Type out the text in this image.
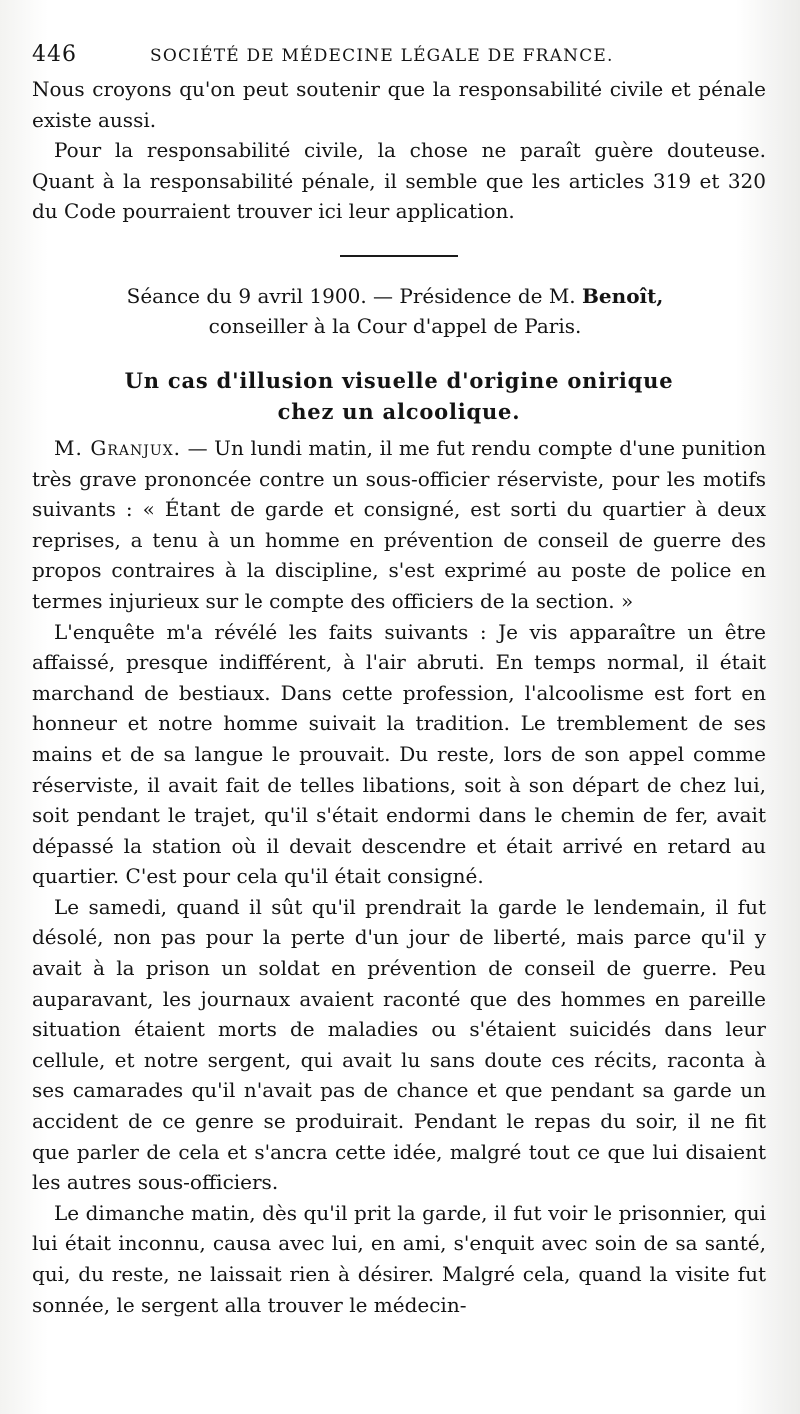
446	SOCIÉTÉ DE MÉDECINE LÉGALE DE FRANCE.

Nous croyons qu'on peut soutenir que la responsabilité civile et pénale existe aussi.

Pour la responsabilité civile, la chose ne paraît guère douteuse. Quant à la responsabilité pénale, il semble que les articles 319 et 320 du Code pourraient trouver ici leur application.

Séance du 9 avril 1900. — Présidence de M. Benoît,
conseiller à la Cour d'appel de Paris.
Un cas d'illusion visuelle d'origine onirique
chez un alcoolique.

M. Granjux. — Un lundi matin, il me fut rendu compte d'une punition très grave prononcée contre un sous-officier réserviste, pour les motifs suivants : « Étant de garde et consigné, est sorti du quartier à deux reprises, a tenu à un homme en prévention de conseil de guerre des propos contraires à la discipline, s'est exprimé au poste de police en termes injurieux sur le compte des officiers de la section. »

L'enquête m'a révélé les faits suivants : Je vis apparaître un être affaissé, presque indifférent, à l'air abruti. En temps normal, il était marchand de bestiaux. Dans cette profession, l'alcoolisme est fort en honneur et notre homme suivait la tradition. Le tremblement de ses mains et de sa langue le prouvait. Du reste, lors de son appel comme réserviste, il avait fait de telles libations, soit à son départ de chez lui, soit pendant le trajet, qu'il s'était endormi dans le chemin de fer, avait dépassé la station où il devait descendre et était arrivé en retard au quartier. C'est pour cela qu'il était consigné.

Le samedi, quand il sût qu'il prendrait la garde le lendemain, il fut désolé, non pas pour la perte d'un jour de liberté, mais parce qu'il y avait à la prison un soldat en prévention de conseil de guerre. Peu auparavant, les journaux avaient raconté que des hommes en pareille situation étaient morts de maladies ou s'étaient suicidés dans leur cellule, et notre sergent, qui avait lu sans doute ces récits, raconta à ses camarades qu'il n'avait pas de chance et que pendant sa garde un accident de ce genre se produirait. Pendant le repas du soir, il ne fit que parler de cela et s'ancra cette idée, malgré tout ce que lui disaient les autres sous-officiers.

Le dimanche matin, dès qu'il prit la garde, il fut voir le prisonnier, qui lui était inconnu, causa avec lui, en ami, s'enquit avec soin de sa santé, qui, du reste, ne laissait rien à désirer. Malgré cela, quand la visite fut sonnée, le sergent alla trouver le médecin-
